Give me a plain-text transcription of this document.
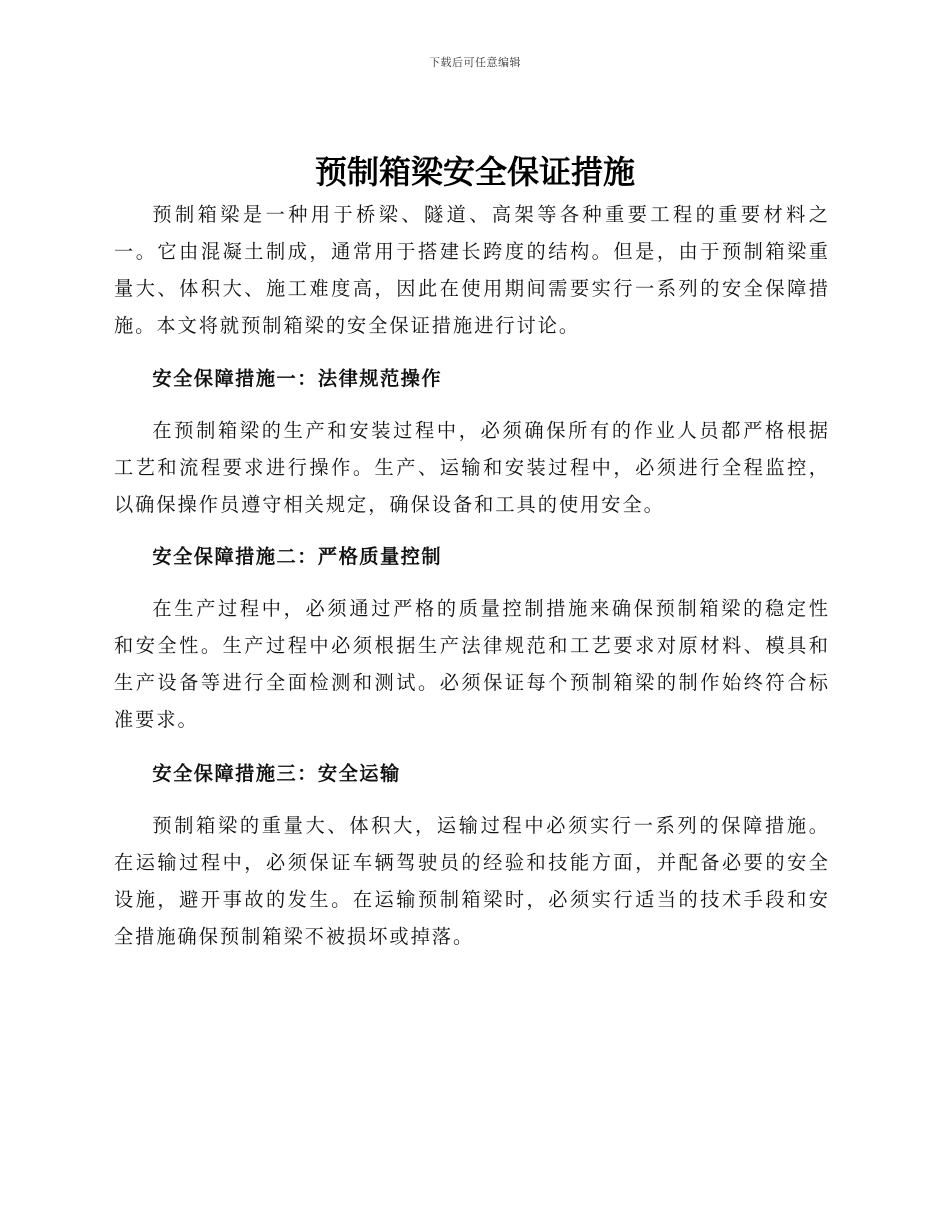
下载后可任意编辑
预制箱梁安全保证措施

预制箱梁是一种用于桥梁、隧道、高架等各种重要工程的重要材料之一。它由混凝土制成，通常用于搭建长跨度的结构。但是，由于预制箱梁重量大、体积大、施工难度高，因此在使用期间需要实行一系列的安全保障措施。本文将就预制箱梁的安全保证措施进行讨论。

安全保障措施一：法律规范操作

在预制箱梁的生产和安装过程中，必须确保所有的作业人员都严格根据工艺和流程要求进行操作。生产、运输和安装过程中，必须进行全程监控，以确保操作员遵守相关规定，确保设备和工具的使用安全。

安全保障措施二：严格质量控制

在生产过程中，必须通过严格的质量控制措施来确保预制箱梁的稳定性和安全性。生产过程中必须根据生产法律规范和工艺要求对原材料、模具和生产设备等进行全面检测和测试。必须保证每个预制箱梁的制作始终符合标准要求。

安全保障措施三：安全运输

预制箱梁的重量大、体积大，运输过程中必须实行一系列的保障措施。在运输过程中，必须保证车辆驾驶员的经验和技能方面，并配备必要的安全设施，避开事故的发生。在运输预制箱梁时，必须实行适当的技术手段和安全措施确保预制箱梁不被损坏或掉落。
